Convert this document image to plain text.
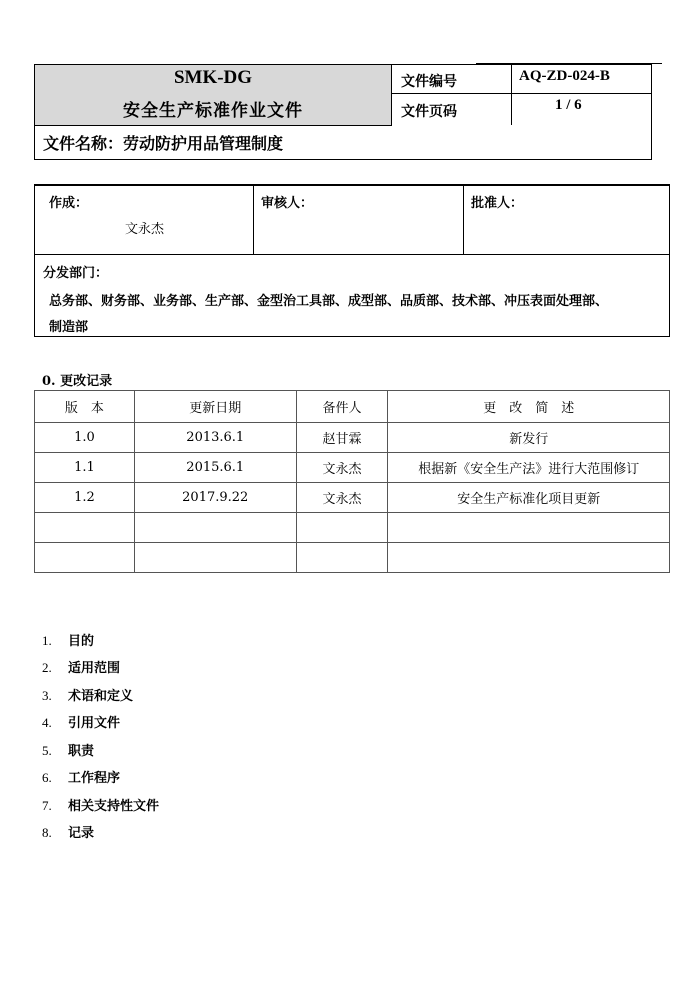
SMK-DG
安全生产标准作业文件
文件编号	AQ-ZD-024-B
文件页码	1 / 6
文件名称：劳动防护用品管理制度
作成：
文永杰
审核人：	批准人：
分发部门：
总务部、财务部、业务部、生产部、金型治工具部、成型部、品质部、技术部、冲压表面处理部、
制造部
0. 更改记录
版　本	更新日期	备件人	更　改　简　述
1.0	2013.6.1	赵甘霖	新发行
1.1	2015.6.1	文永杰	根据新《安全生产法》进行大范围修订
1.2	2017.9.22	文永杰	安全生产标准化项目更新

1. 目的
2. 适用范围
3. 术语和定义
4. 引用文件
5. 职责
6. 工作程序
7. 相关支持性文件
8. 记录
